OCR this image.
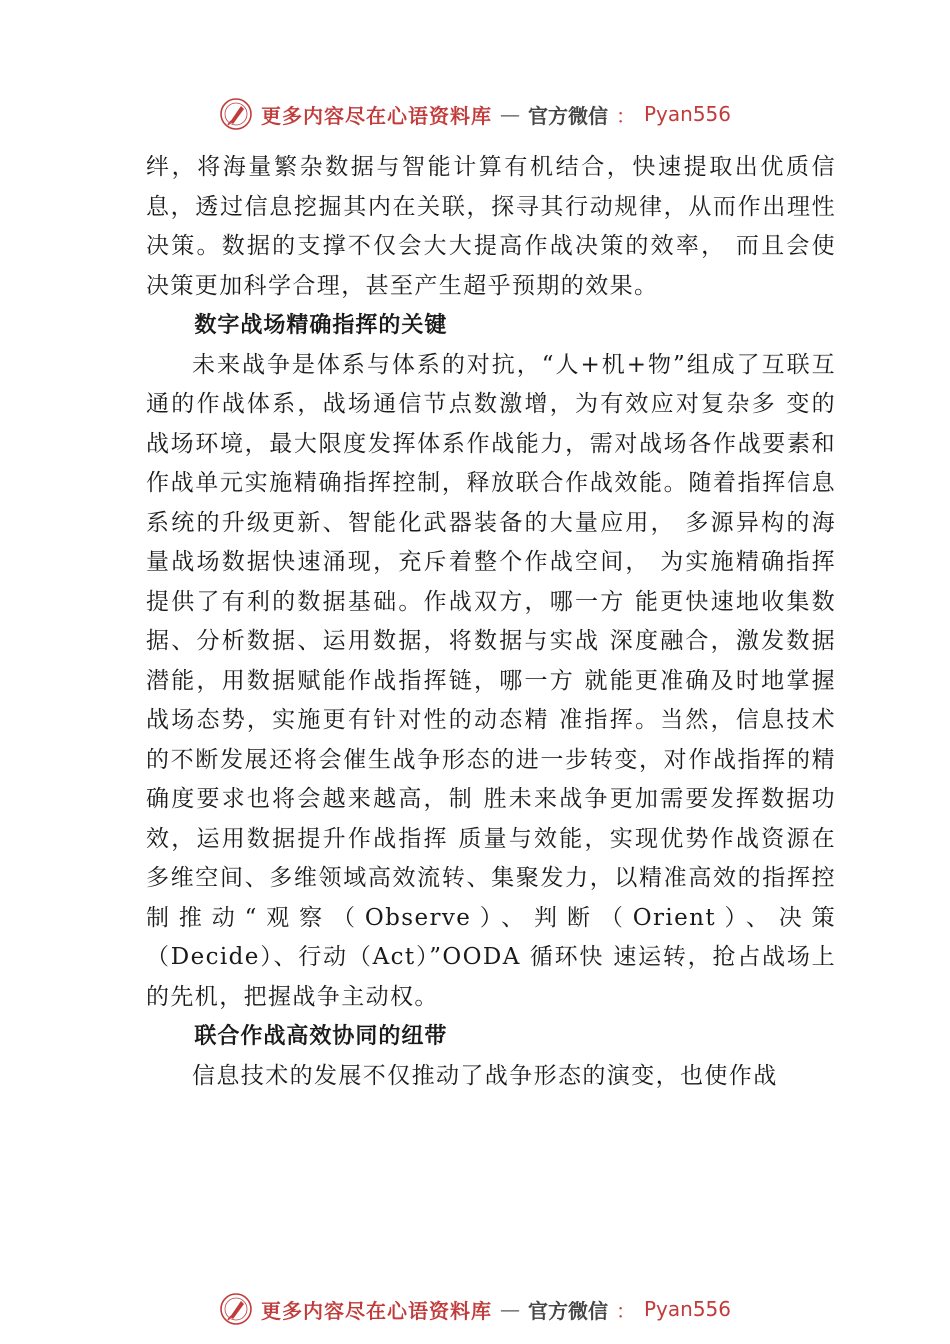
更多内容尽在心语资料库 — 官方微信 ： Pyan556

绊，将海量繁杂数据与智能计算有机结合，快速提取出优质信息，透过信息挖掘其内在关联，探寻其行动规律，从而作出理性决策。数据的支撑不仅会大大提高作战决策的效率， 而且会使决策更加科学合理，甚至产生超乎预期的效果。

数字战场精确指挥的关键

未来战争是体系与体系的对抗，“人+机+物”组成了互联互通的作战体系，战场通信节点数激增，为有效应对复杂多 变的战场环境，最大限度发挥体系作战能力，需对战场各作战要素和作战单元实施精确指挥控制，释放联合作战效能。随着指挥信息系统的升级更新、智能化武器装备的大量应用， 多源异构的海量战场数据快速涌现，充斥着整个作战空间， 为实施精确指挥提供了有利的数据基础。作战双方，哪一方 能更快速地收集数据、分析数据、运用数据，将数据与实战 深度融合，激发数据潜能，用数据赋能作战指挥链，哪一方 就能更准确及时地掌握战场态势，实施更有针对性的动态精 准指挥。当然，信息技术的不断发展还将会催生战争形态的进一步转变，对作战指挥的精确度要求也将会越来越高，制 胜未来战争更加需要发挥数据功效，运用数据提升作战指挥 质量与效能，实现优势作战资源在多维空间、多维领域高效流转、集聚发力，以精准高效的指挥控制推动“观察（Observe）、判断（Orient）、决策（Decide）、行动（Act）”OODA 循环快 速运转，抢占战场上的先机，把握战争主动权。

联合作战高效协同的纽带

信息技术的发展不仅推动了战争形态的演变，也使作战

更多内容尽在心语资料库 — 官方微信 ： Pyan556
